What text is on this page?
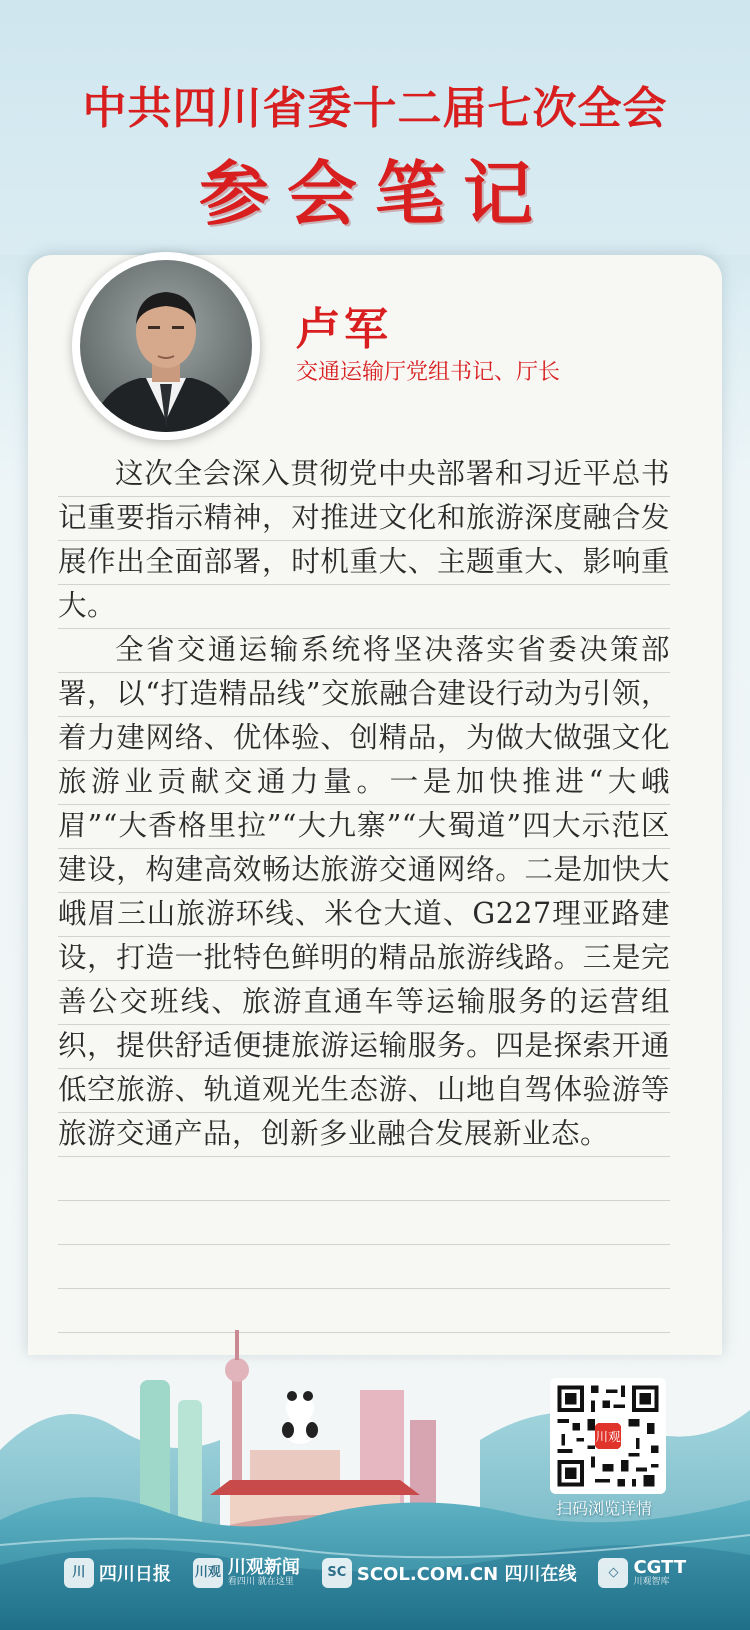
中共四川省委十二届七次全会
参会笔记
卢军
交通运输厅党组书记、厅长

这次全会深入贯彻党中央部署和习近平总书记重要指示精神，对推进文化和旅游深度融合发展作出全面部署，时机重大、主题重大、影响重大。

全省交通运输系统将坚决落实省委决策部署，以“打造精品线”交旅融合建设行动为引领，着力建网络、优体验、创精品，为做大做强文化旅游业贡献交通力量。一是加快推进“大峨眉”“大香格里拉”“大九寨”“大蜀道”四大示范区建设，构建高效畅达旅游交通网络。二是加快大峨眉三山旅游环线、米仓大道、G227理亚路建设，打造一批特色鲜明的精品旅游线路。三是完善公交班线、旅游直通车等运输服务的运营组织，提供舒适便捷旅游运输服务。四是探索开通低空旅游、轨道观光生态游、山地自驾体验游等旅游交通产品，创新多业融合发展新业态。

川观
扫码浏览详情
川 四川日报 川观 川观新闻
看四川 就在这里
SC SCOL.COM.CN 四川在线	◇ CGTT
川观智库
